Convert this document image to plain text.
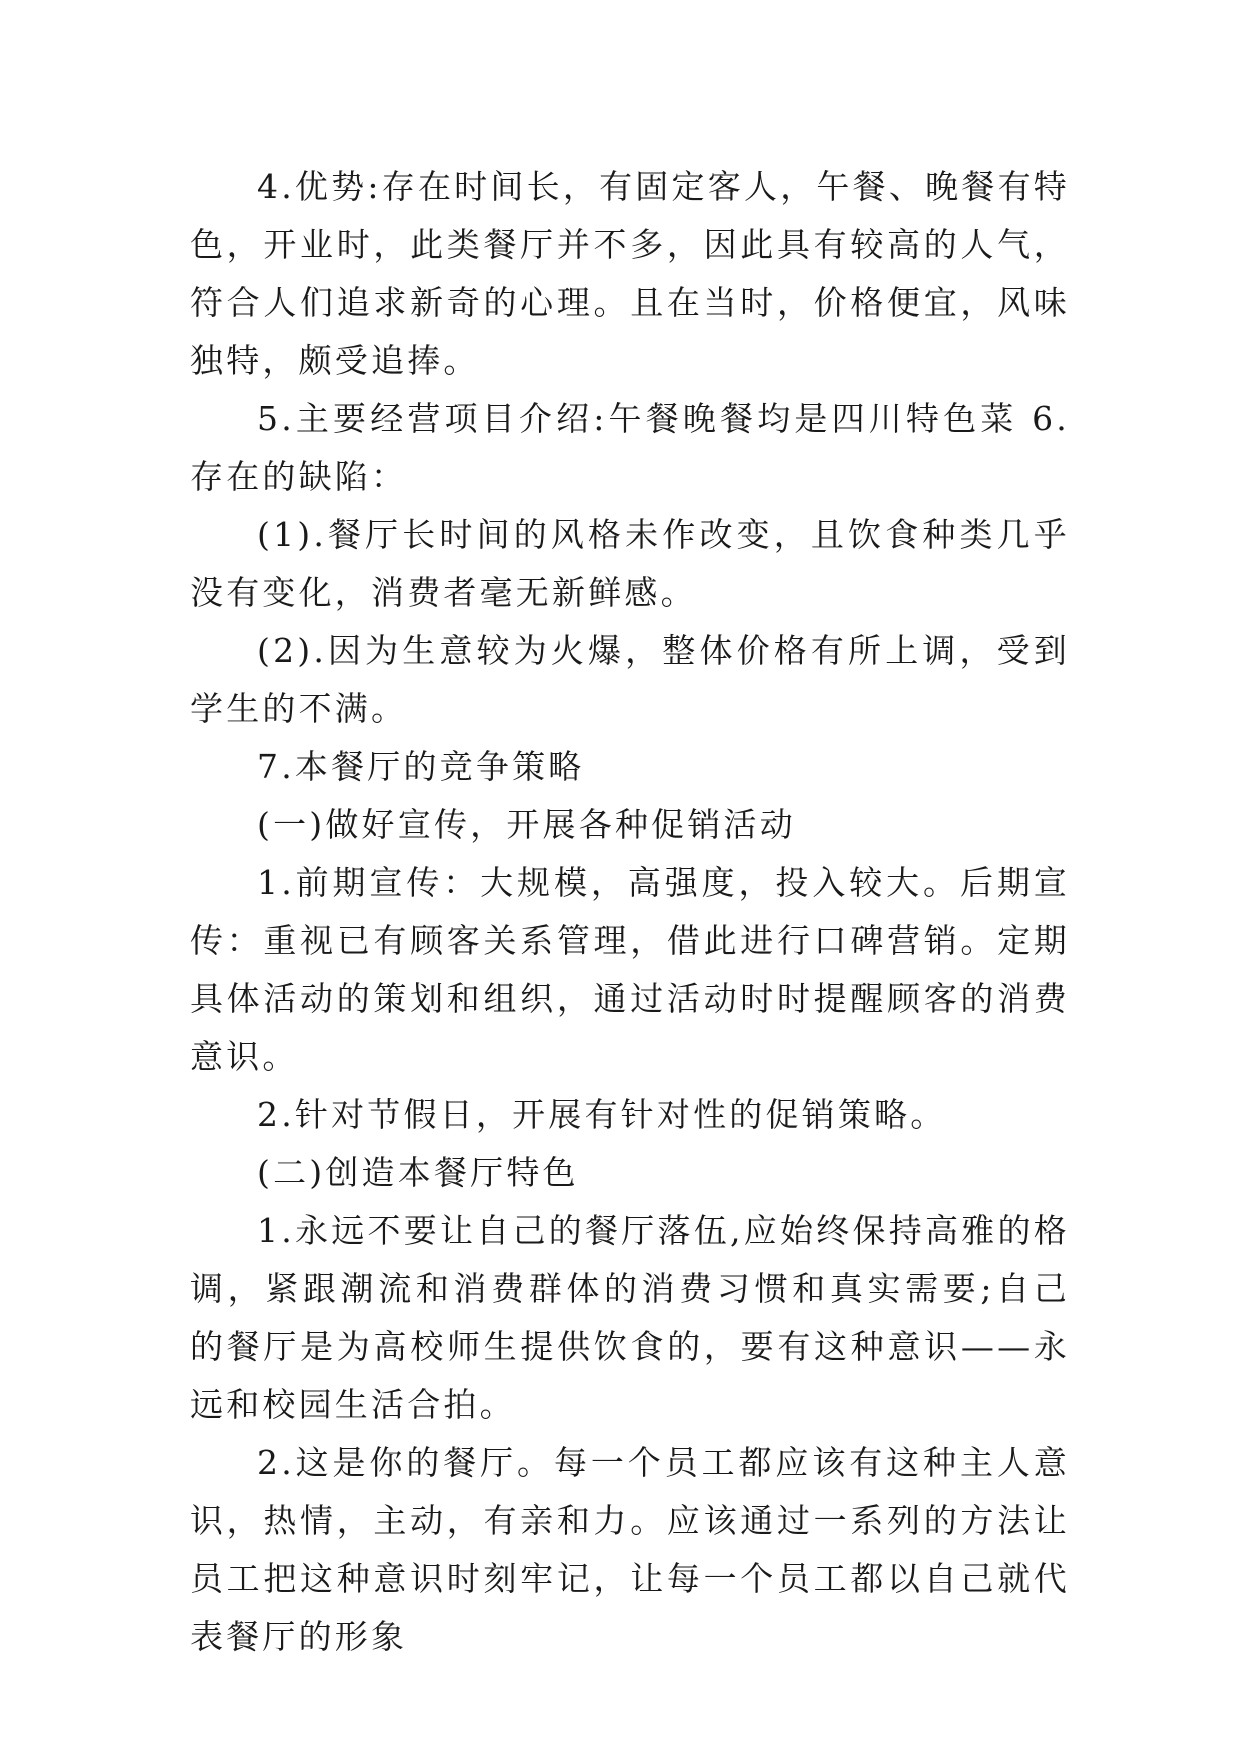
4.优势:存在时间长，有固定客人，午餐、晚餐有特色，开业时，此类餐厅并不多，因此具有较高的人气，符合人们追求新奇的心理。且在当时，价格便宜，风味独特，颇受追捧。

5.主要经营项目介绍:午餐晚餐均是四川特色菜 6.存在的缺陷：

(1).餐厅长时间的风格未作改变，且饮食种类几乎没有变化，消费者毫无新鲜感。

(2).因为生意较为火爆，整体价格有所上调，受到学生的不满。

7.本餐厅的竞争策略

(一)做好宣传，开展各种促销活动

1.前期宣传：大规模，高强度，投入较大。后期宣传：重视已有顾客关系管理，借此进行口碑营销。定期具体活动的策划和组织，通过活动时时提醒顾客的消费意识。

2.针对节假日，开展有针对性的促销策略。

(二)创造本餐厅特色

1.永远不要让自己的餐厅落伍,应始终保持高雅的格调，紧跟潮流和消费群体的消费习惯和真实需要;自己的餐厅是为高校师生提供饮食的，要有这种意识——永远和校园生活合拍。

2.这是你的餐厅。每一个员工都应该有这种主人意识，热情，主动，有亲和力。应该通过一系列的方法让员工把这种意识时刻牢记，让每一个员工都以自己就代表餐厅的形象
